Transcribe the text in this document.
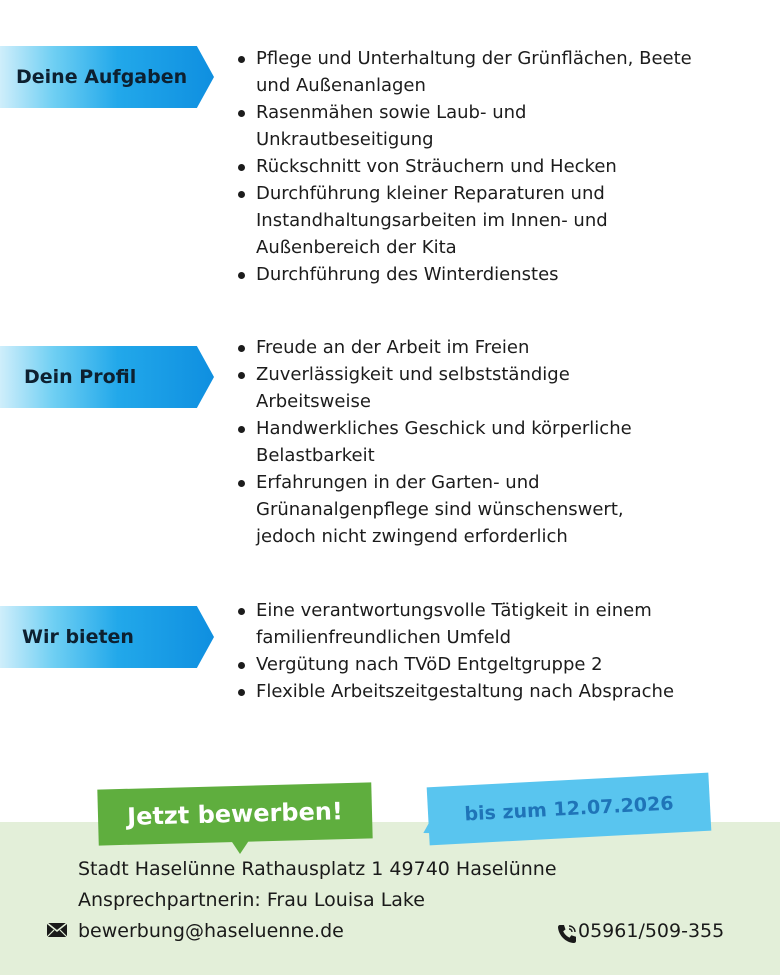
Deine Aufgaben
Pflege und Unterhaltung der Grünflächen, Beete
und Außenanlagen
Rasenmähen sowie Laub- und
Unkrautbeseitigung
Rückschnitt von Sträuchern und Hecken
Durchführung kleiner Reparaturen und
Instandhaltungsarbeiten im Innen- und
Außenbereich der Kita
Durchführung des Winterdienstes
Dein Profil
Freude an der Arbeit im Freien
Zuverlässigkeit und selbstständige
Arbeitsweise
Handwerkliches Geschick und körperliche
Belastbarkeit
Erfahrungen in der Garten- und
Grünanalgenpflege sind wünschenswert,
jedoch nicht zwingend erforderlich
Wir bieten
Eine verantwortungsvolle Tätigkeit in einem
familienfreundlichen Umfeld
Vergütung nach TVöD Entgeltgruppe 2
Flexible Arbeitszeitgestaltung nach Absprache
Jetzt bewerben!	bis zum 12.07.2026
Stadt Haselünne Rathausplatz 1 49740 Haselünne
Ansprechpartnerin: Frau Louisa Lake
bewerbung@haseluenne.de	05961/509-355
